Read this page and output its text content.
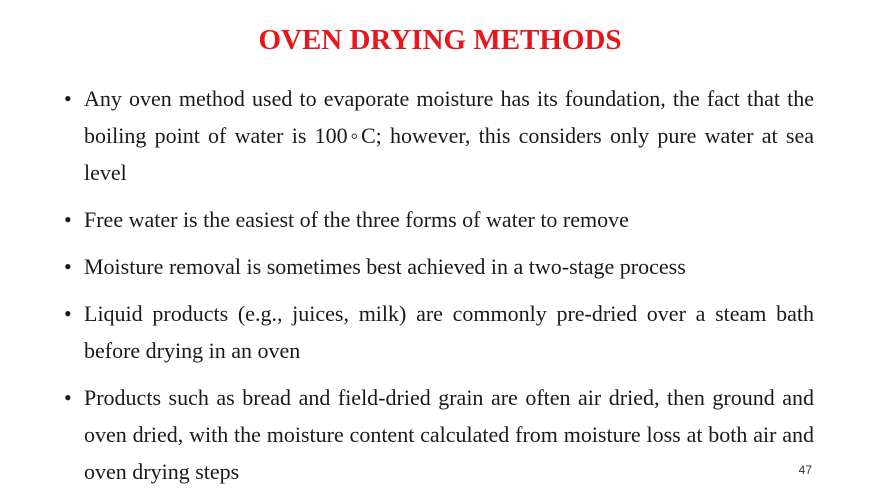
OVEN DRYING METHODS
• Any oven method used to evaporate moisture has its foundation, the fact that the boiling point of water is 100◦C; however, this considers only pure water at sea level
• Free water is the easiest of the three forms of water to remove
• Moisture removal is sometimes best achieved in a two-stage process
• Liquid products (e.g., juices, milk) are commonly pre-dried over a steam bath before drying in an oven
• Products such as bread and field-dried grain are often air dried, then ground and oven dried, with the moisture content calculated from moisture loss at both air and oven drying steps	47
